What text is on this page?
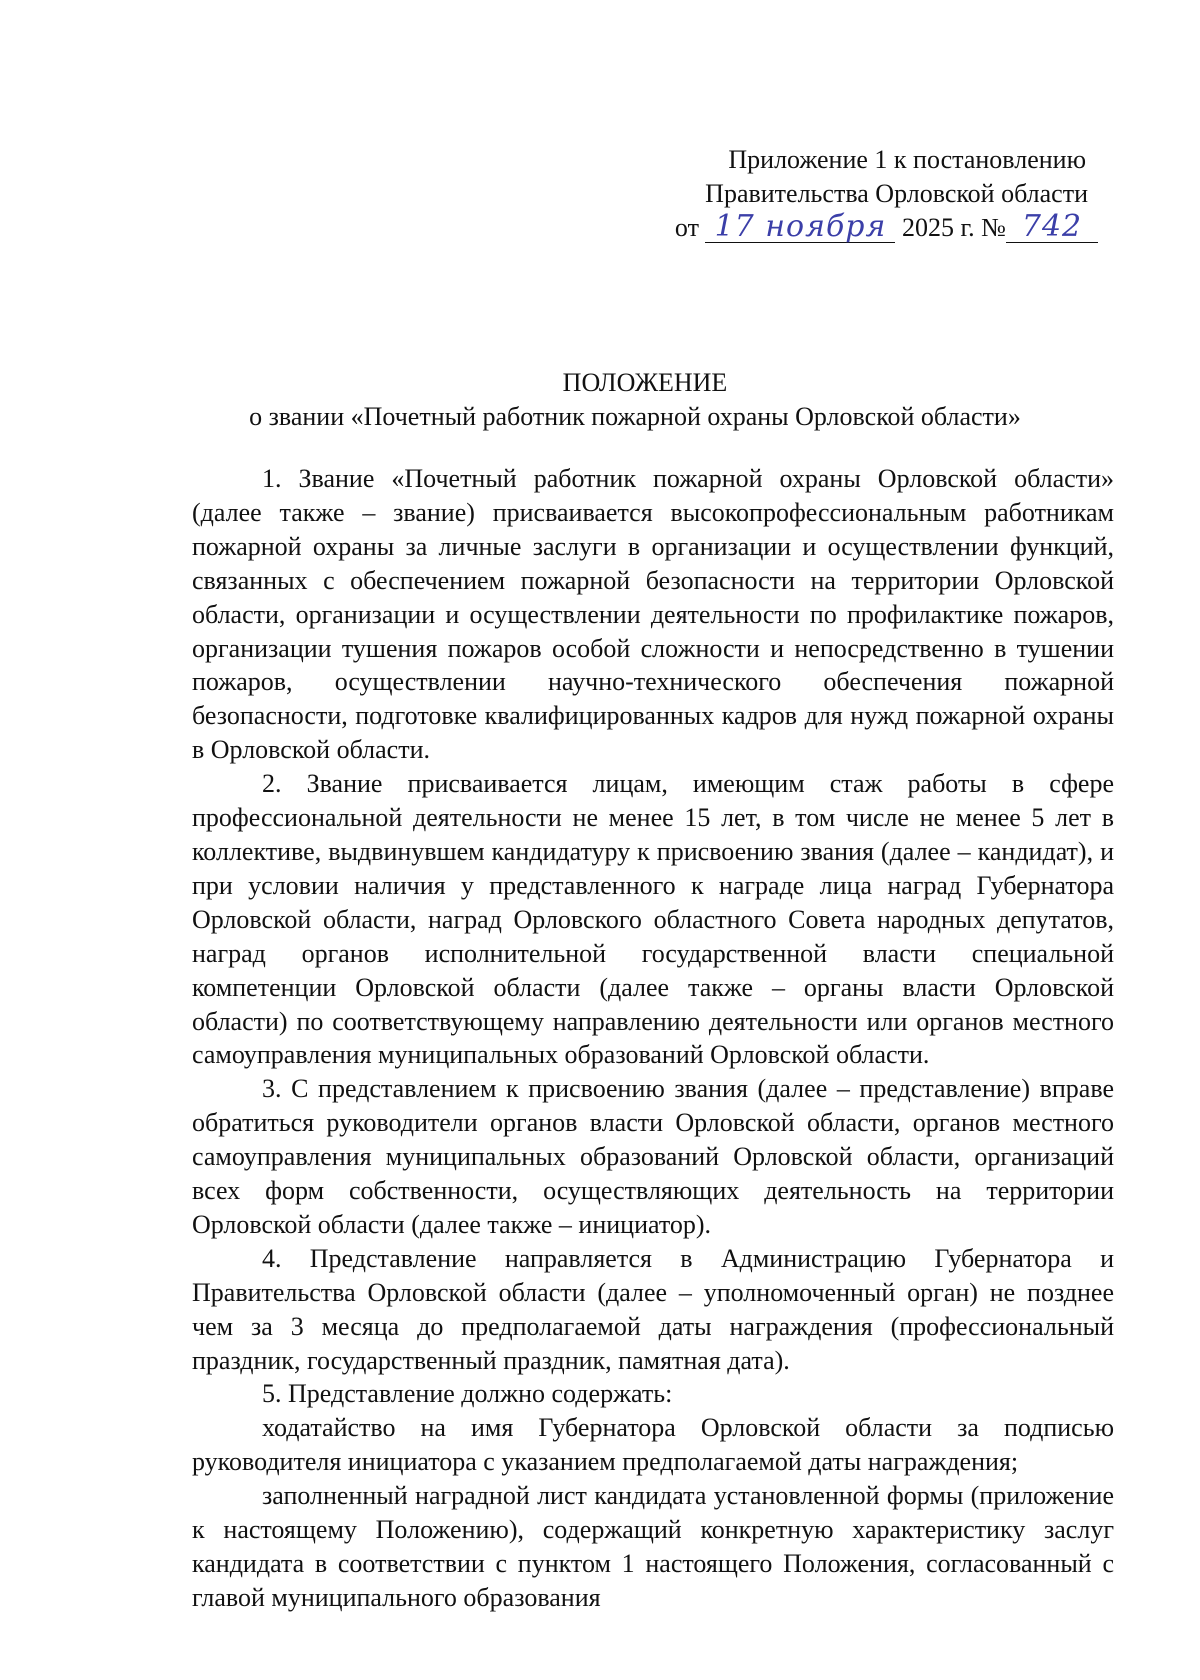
Приложение 1 к постановлению
Правительства Орловской области
от 17 ноября 2025 г. № 742
ПОЛОЖЕНИЕ
о звании «Почетный работник пожарной охраны Орловской области»

1. Звание «Почетный работник пожарной охраны Орловской области» (далее также – звание) присваивается высокопрофессиональным работникам пожарной охраны за личные заслуги в организации и осуществлении функций, связанных с обеспечением пожарной безопасности на территории Орловской области, организации и осуществлении деятельности по профилактике пожаров, организации тушения пожаров особой сложности и непосредственно в тушении пожаров, осуществлении научно-технического обеспечения пожарной безопасности, подготовке квалифицированных кадров для нужд пожарной охраны в Орловской области.

2. Звание присваивается лицам, имеющим стаж работы в сфере профессиональной деятельности не менее 15 лет, в том числе не менее 5 лет в коллективе, выдвинувшем кандидатуру к присвоению звания (далее – кандидат), и при условии наличия у представленного к награде лица наград Губернатора Орловской области, наград Орловского областного Совета народных депутатов, наград органов исполнительной государственной власти специальной компетенции Орловской области (далее также – органы власти Орловской области) по соответствующему направлению деятельности или органов местного самоуправления муниципальных образований Орловской области.

3. С представлением к присвоению звания (далее – представление) вправе обратиться руководители органов власти Орловской области, органов местного самоуправления муниципальных образований Орловской области, организаций всех форм собственности, осуществляющих деятельность на территории Орловской области (далее также – инициатор).

4. Представление направляется в Администрацию Губернатора и Правительства Орловской области (далее – уполномоченный орган) не позднее чем за 3 месяца до предполагаемой даты награждения (профессиональный праздник, государственный праздник, памятная дата).

5. Представление должно содержать:

ходатайство на имя Губернатора Орловской области за подписью руководителя инициатора с указанием предполагаемой даты награждения;

заполненный наградной лист кандидата установленной формы (приложение к настоящему Положению), содержащий конкретную характеристику заслуг кандидата в соответствии с пунктом 1 настоящего Положения, согласованный с главой муниципального образования
